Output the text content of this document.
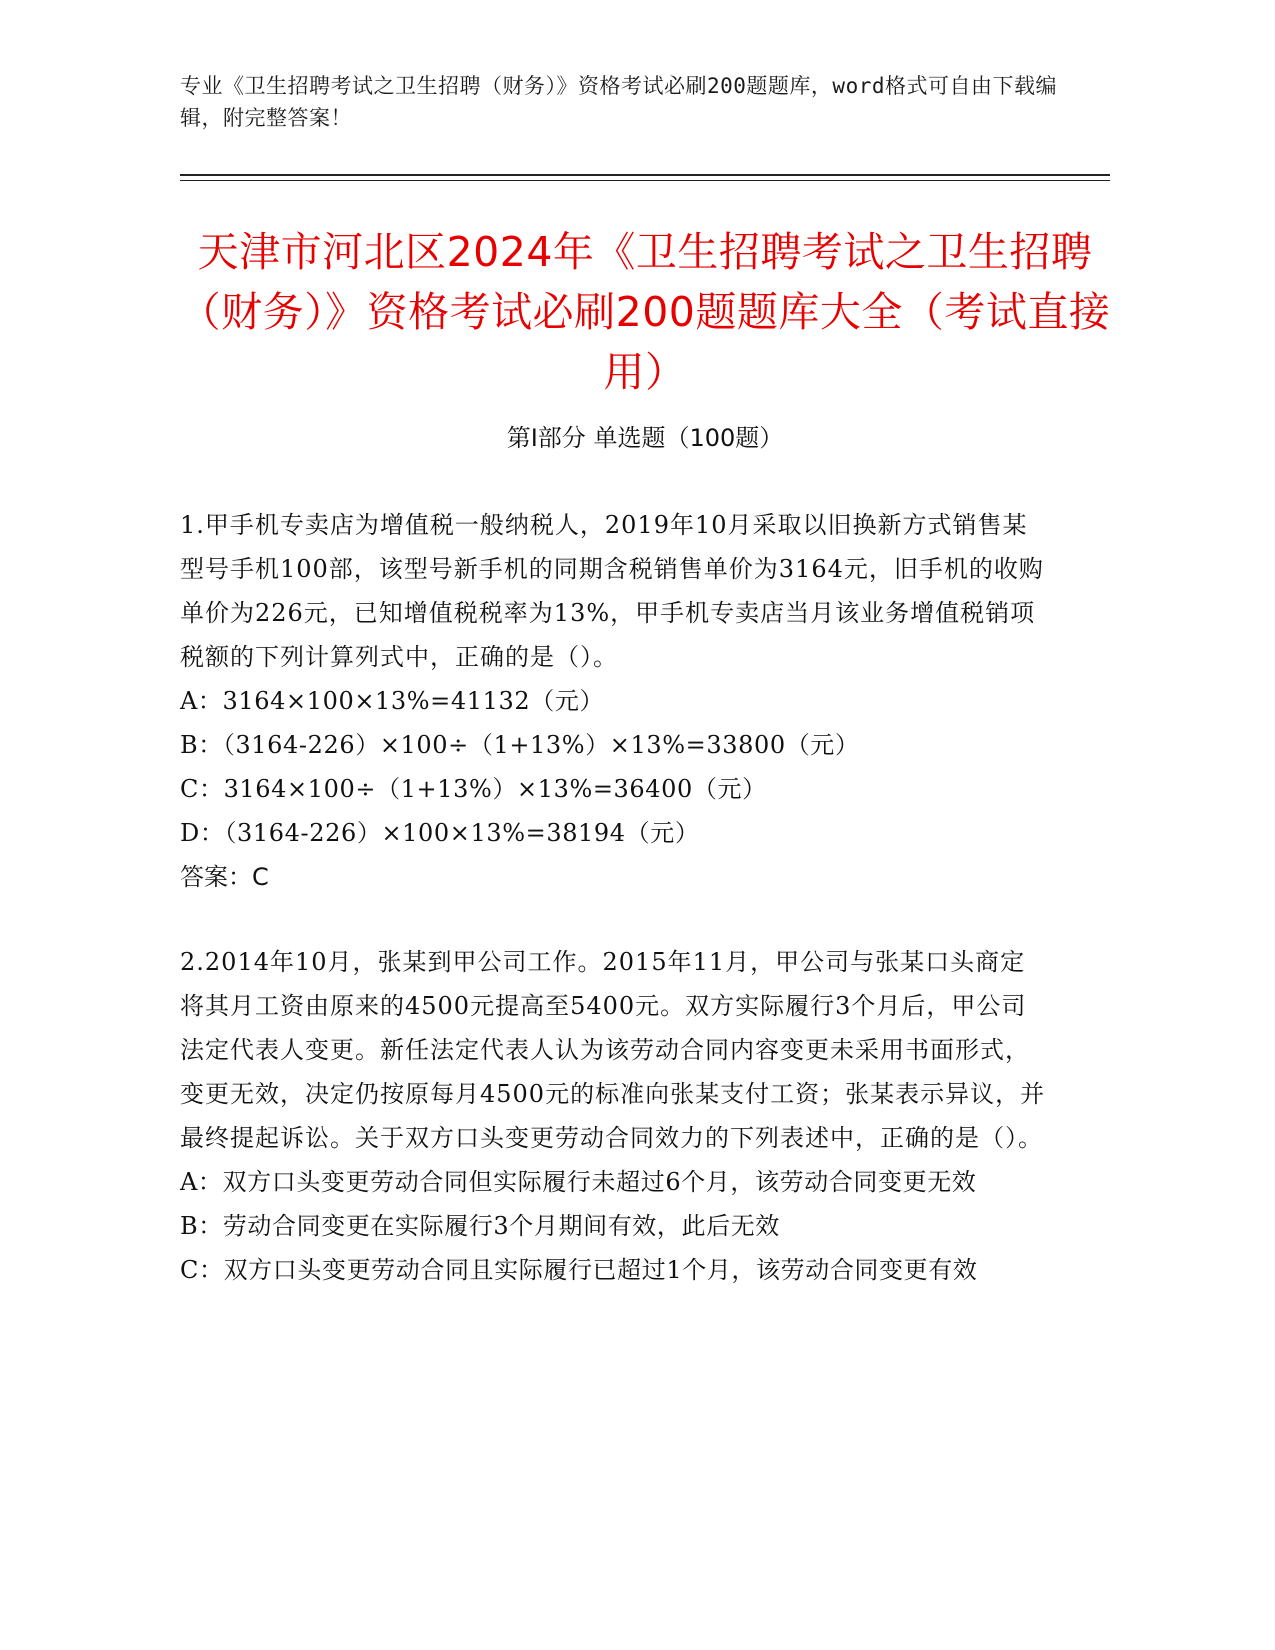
专业《卫生招聘考试之卫生招聘（财务）》资格考试必刷200题题库，word格式可自由下载编辑，附完整答案！
天津市河北区2024年《卫生招聘考试之卫生招聘（财务）》资格考试必刷200题题库大全（考试直接用）
第I部分 单选题（100题）

1.甲手机专卖店为增值税一般纳税人，2019年10月采取以旧换新方式销售某型号手机100部，该型号新手机的同期含税销售单价为3164元，旧手机的收购单价为226元，已知增值税税率为13%，甲手机专卖店当月该业务增值税销项税额的下列计算列式中，正确的是（）。

A：3164×100×13%=41132（元）

B：（3164-226）×100÷（1+13%）×13%=33800（元）

C：3164×100÷（1+13%）×13%=36400（元）

D：（3164-226）×100×13%=38194（元）

答案：C

2.2014年10月，张某到甲公司工作。2015年11月，甲公司与张某口头商定将其月工资由原来的4500元提高至5400元。双方实际履行3个月后，甲公司法定代表人变更。新任法定代表人认为该劳动合同内容变更未采用书面形式，变更无效，决定仍按原每月4500元的标准向张某支付工资；张某表示异议，并最终提起诉讼。关于双方口头变更劳动合同效力的下列表述中，正确的是（）。

A：双方口头变更劳动合同但实际履行未超过6个月，该劳动合同变更无效

B：劳动合同变更在实际履行3个月期间有效，此后无效

C：双方口头变更劳动合同且实际履行已超过1个月，该劳动合同变更有效
